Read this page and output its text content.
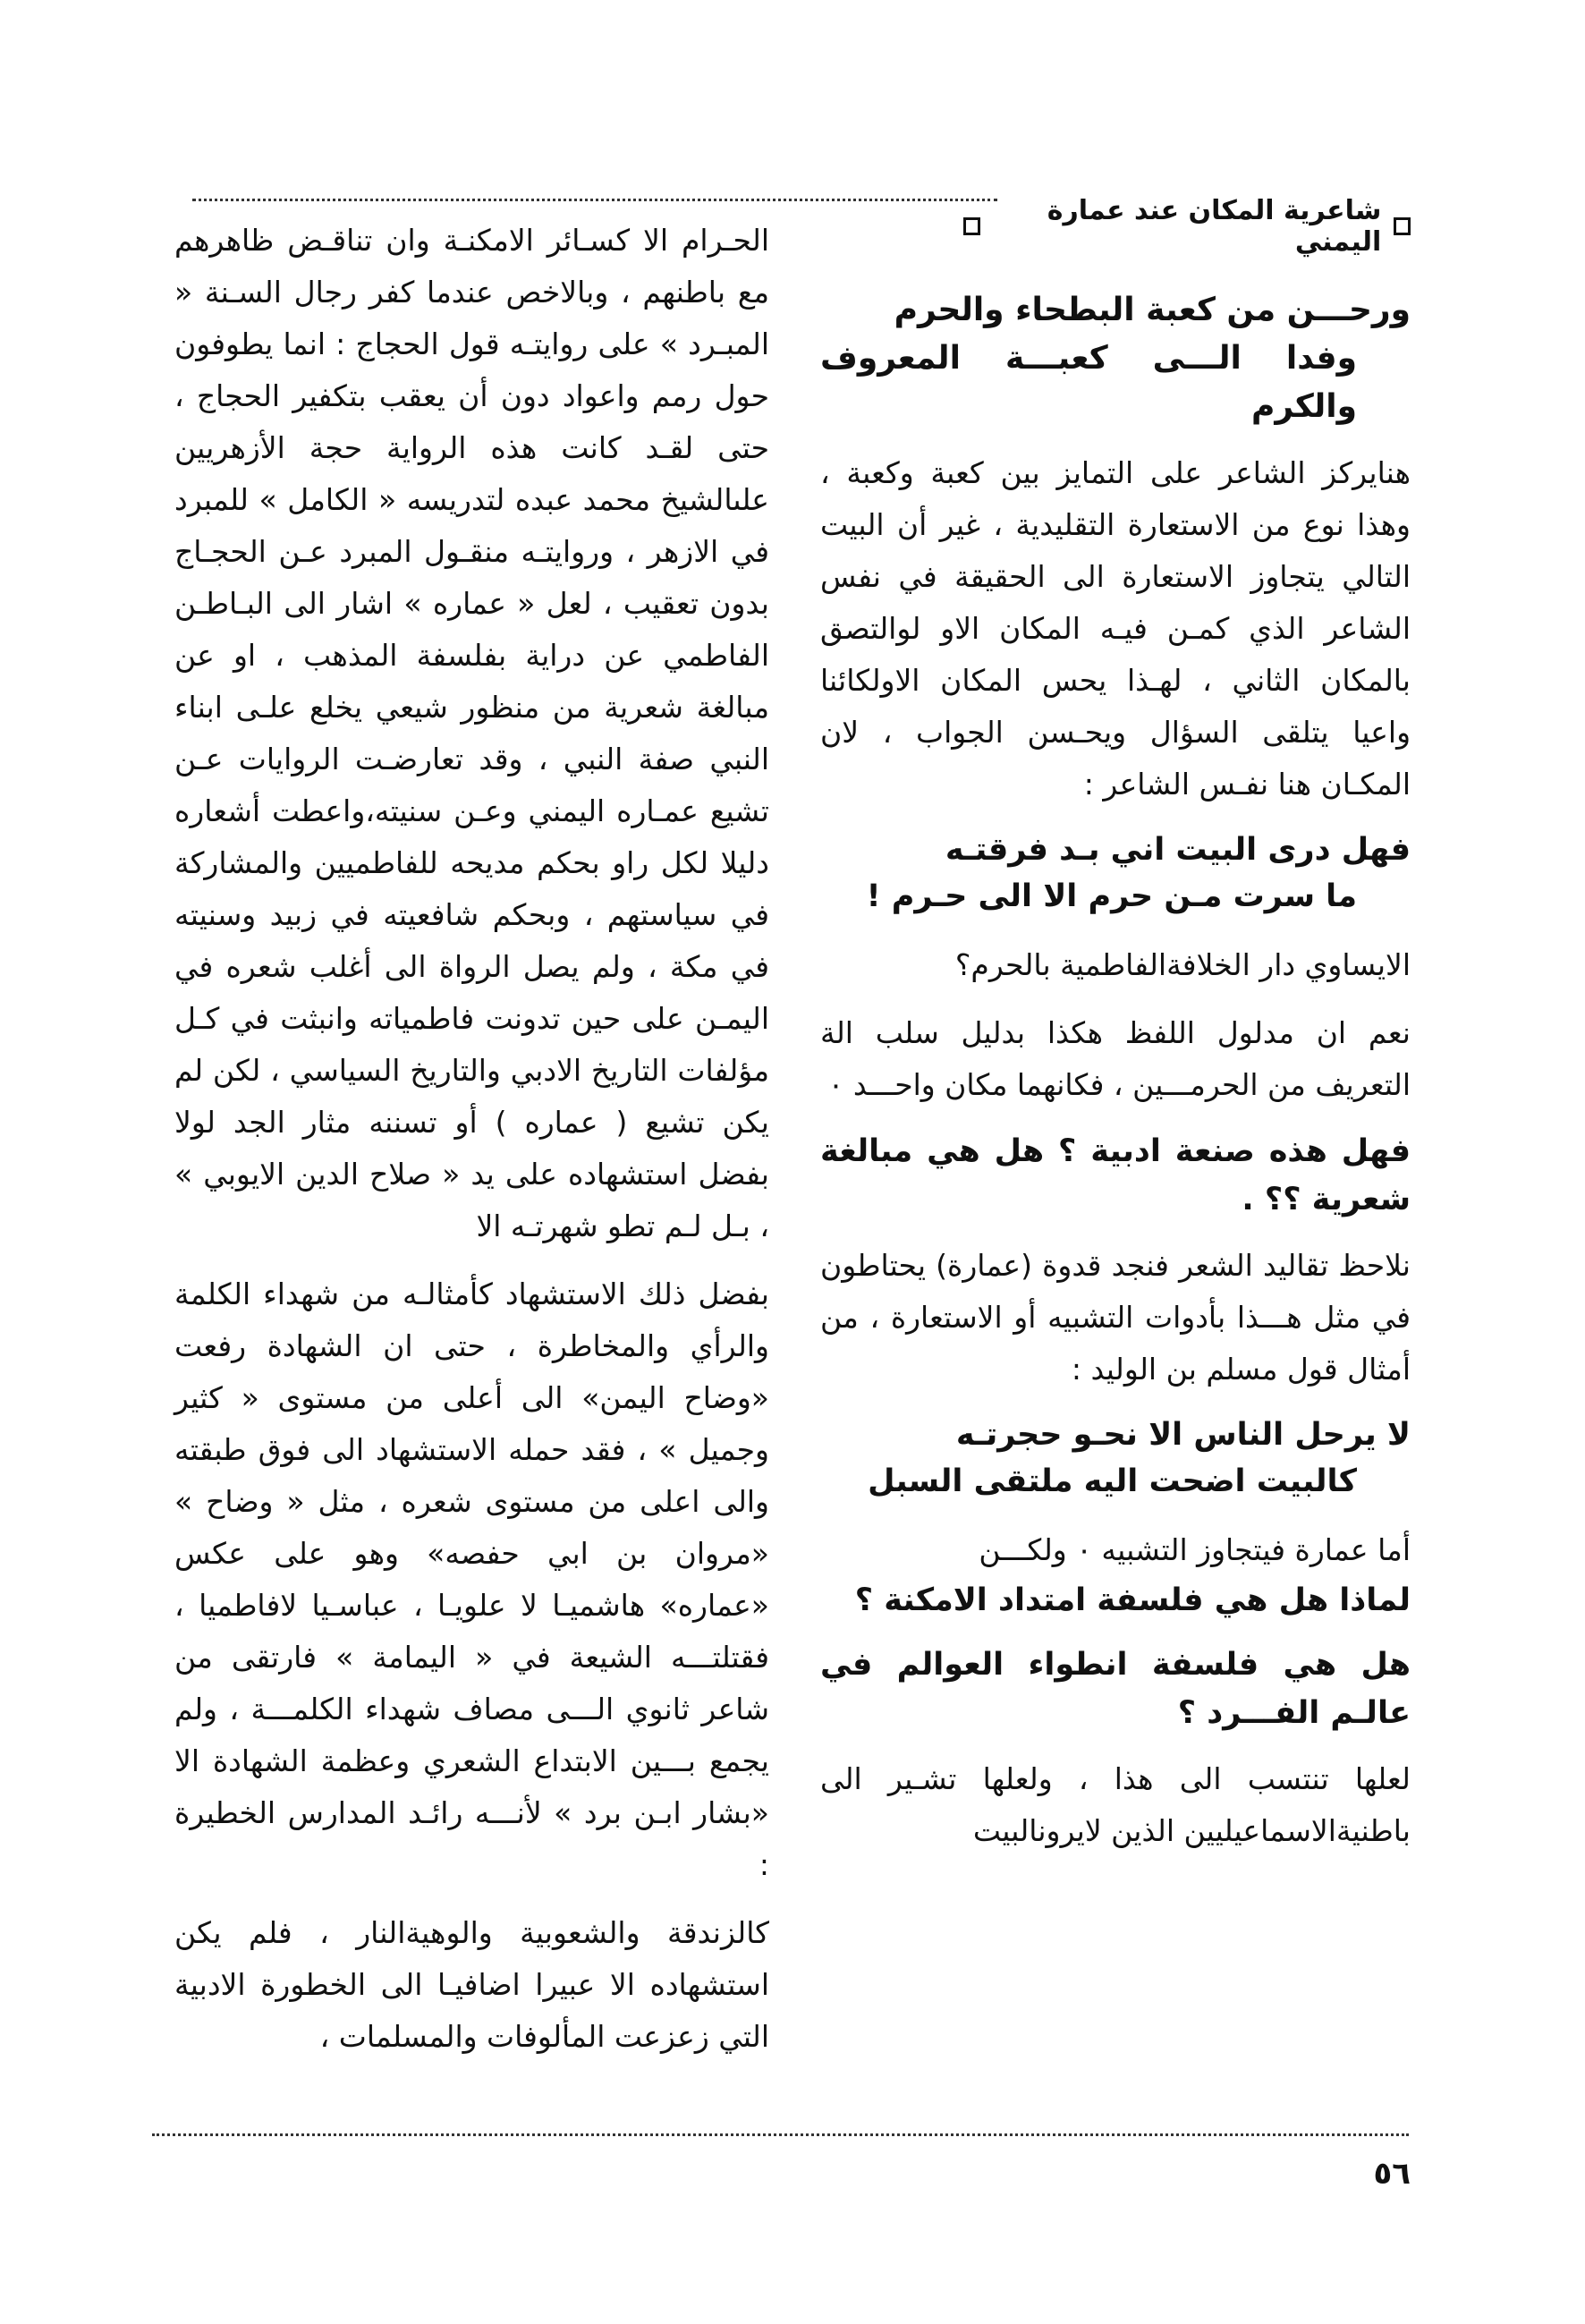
شاعرية المكان عند عمارة اليمني
ورحـــن من كعبة البطحاء والحرم
وفدا الـــى كعبـــة المعروف والكرم

هنايركز الشاعر على التمايز بين كعبة وكعبة ، وهذا نوع من الاستعارة التقليدية ، غير أن البيت التالي يتجاوز الاستعارة الى الحقيقة في نفس الشاعر الذي كمـن فيـه المكان الاو لوالتصق بالمكان الثاني ، لهـذا يحس المكان الاولكائنا واعيا يتلقى السؤال ويحـسن الجواب ، لان المكـان هنا نفـس الشاعر :

فهل درى البيت اني بـد فرقتـه
ما سرت مـن حرم الا الى حـرم !

الايساوي دار الخلافةالفاطمية بالحرم؟

نعم ان مدلول اللفظ هكذا بدليل سلب الة التعريف من الحرمـــين ، فكانهما مكان واحـــد ٠

فهل هذه صنعة ادبية ؟ هل هي مبالغة شعرية ؟؟ .

نلاحظ تقاليد الشعر فنجد قدوة (عمارة) يحتاطون في مثل هـــذا بأدوات التشبيه أو الاستعارة ، من أمثال قول مسلم بن الوليد :

لا يرحل الناس الا نحـو حجرتـه
كالبيت اضحت اليه ملتقى السبل

أما عمارة فيتجاوز التشبيه ٠ ولكـــن

لماذا هل هي فلسفة امتداد الامكنة ؟

هل هي فلسفة انطواء العوالم في عالـم الفـــرد ؟

لعلها تنتسب الى هذا ، ولعلها تشـير الى باطنيةالاسماعيليين الذين لايرونالبيت

الحـرام الا كسـائر الامكنـة وان تناقـض ظاهرهم مع باطنهم ، وبالاخص عندما كفر رجال السـنة « المبـرد » على روايتـه قول الحجاج : انما يطوفون حول رمم واعواد دون أن يعقب بتكفير الحجاج ، حتى لقـد كانت هذه الرواية حجة الأزهريين علىالشيخ محمد عبده لتدريسه « الكامل » للمبرد في الازهر ، وروايتـه منقـول المبرد عـن الحجـاج بدون تعقيب ، لعل « عماره » اشار الى البـاطـن الفاطمي عن دراية بفلسفة المذهب ، او عن مبالغة شعرية من منظور شيعي يخلع علـى ابناء النبي صفة النبي ، وقد تعارضـت الروايات عـن تشيع عمـاره اليمني وعـن سنيته،واعطت أشعاره دليلا لكل راو بحكم مديحه للفاطميين والمشاركة في سياستهم ، وبحكم شافعيته في زبيد وسنيته في مكة ، ولم يصل الرواة الى أغلب شعره في اليمـن على حين تدونت فاطمياته وانبثت في كـل مؤلفات التاريخ الادبي والتاريخ السياسي ، لكن لم يكن تشيع ( عماره ) أو تسننه مثار الجد لولا بفضل استشهاده على يد « صلاح الدين الايوبي » ، بـل لـم تطو شهرتـه الا

بفضل ذلك الاستشهاد كأمثالـه من شهداء الكلمة والرأي والمخاطرة ، حتى ان الشهادة رفعت «وضاح اليمن» الى أعلى من مستوى « كثير وجميل » ، فقد حمله الاستشهاد الى فوق طبقته والى اعلى من مستوى شعره ، مثل « وضاح » «مروان بن ابي حفصه» وهو على عكس «عماره» هاشميـا لا علويـا ، عباسـيا لافاطميا ، فقتلتـــه الشيعة في « اليمامة » فارتقى من شاعر ثانوي الـــى مصاف شهداء الكلمـــة ، ولم يجمع بـــين الابتداع الشعري وعظمة الشهادة الا «بشار ابـن برد » لأنـــه رائـد المدارس الخطيرة :

كالزندقة والشعوبية والوهيةالنار ، فلم يكن استشهاده الا عبيرا اضافيـا الى الخطورة الادبية التي زعزعت المألوفات والمسلمات ،

٥٦
